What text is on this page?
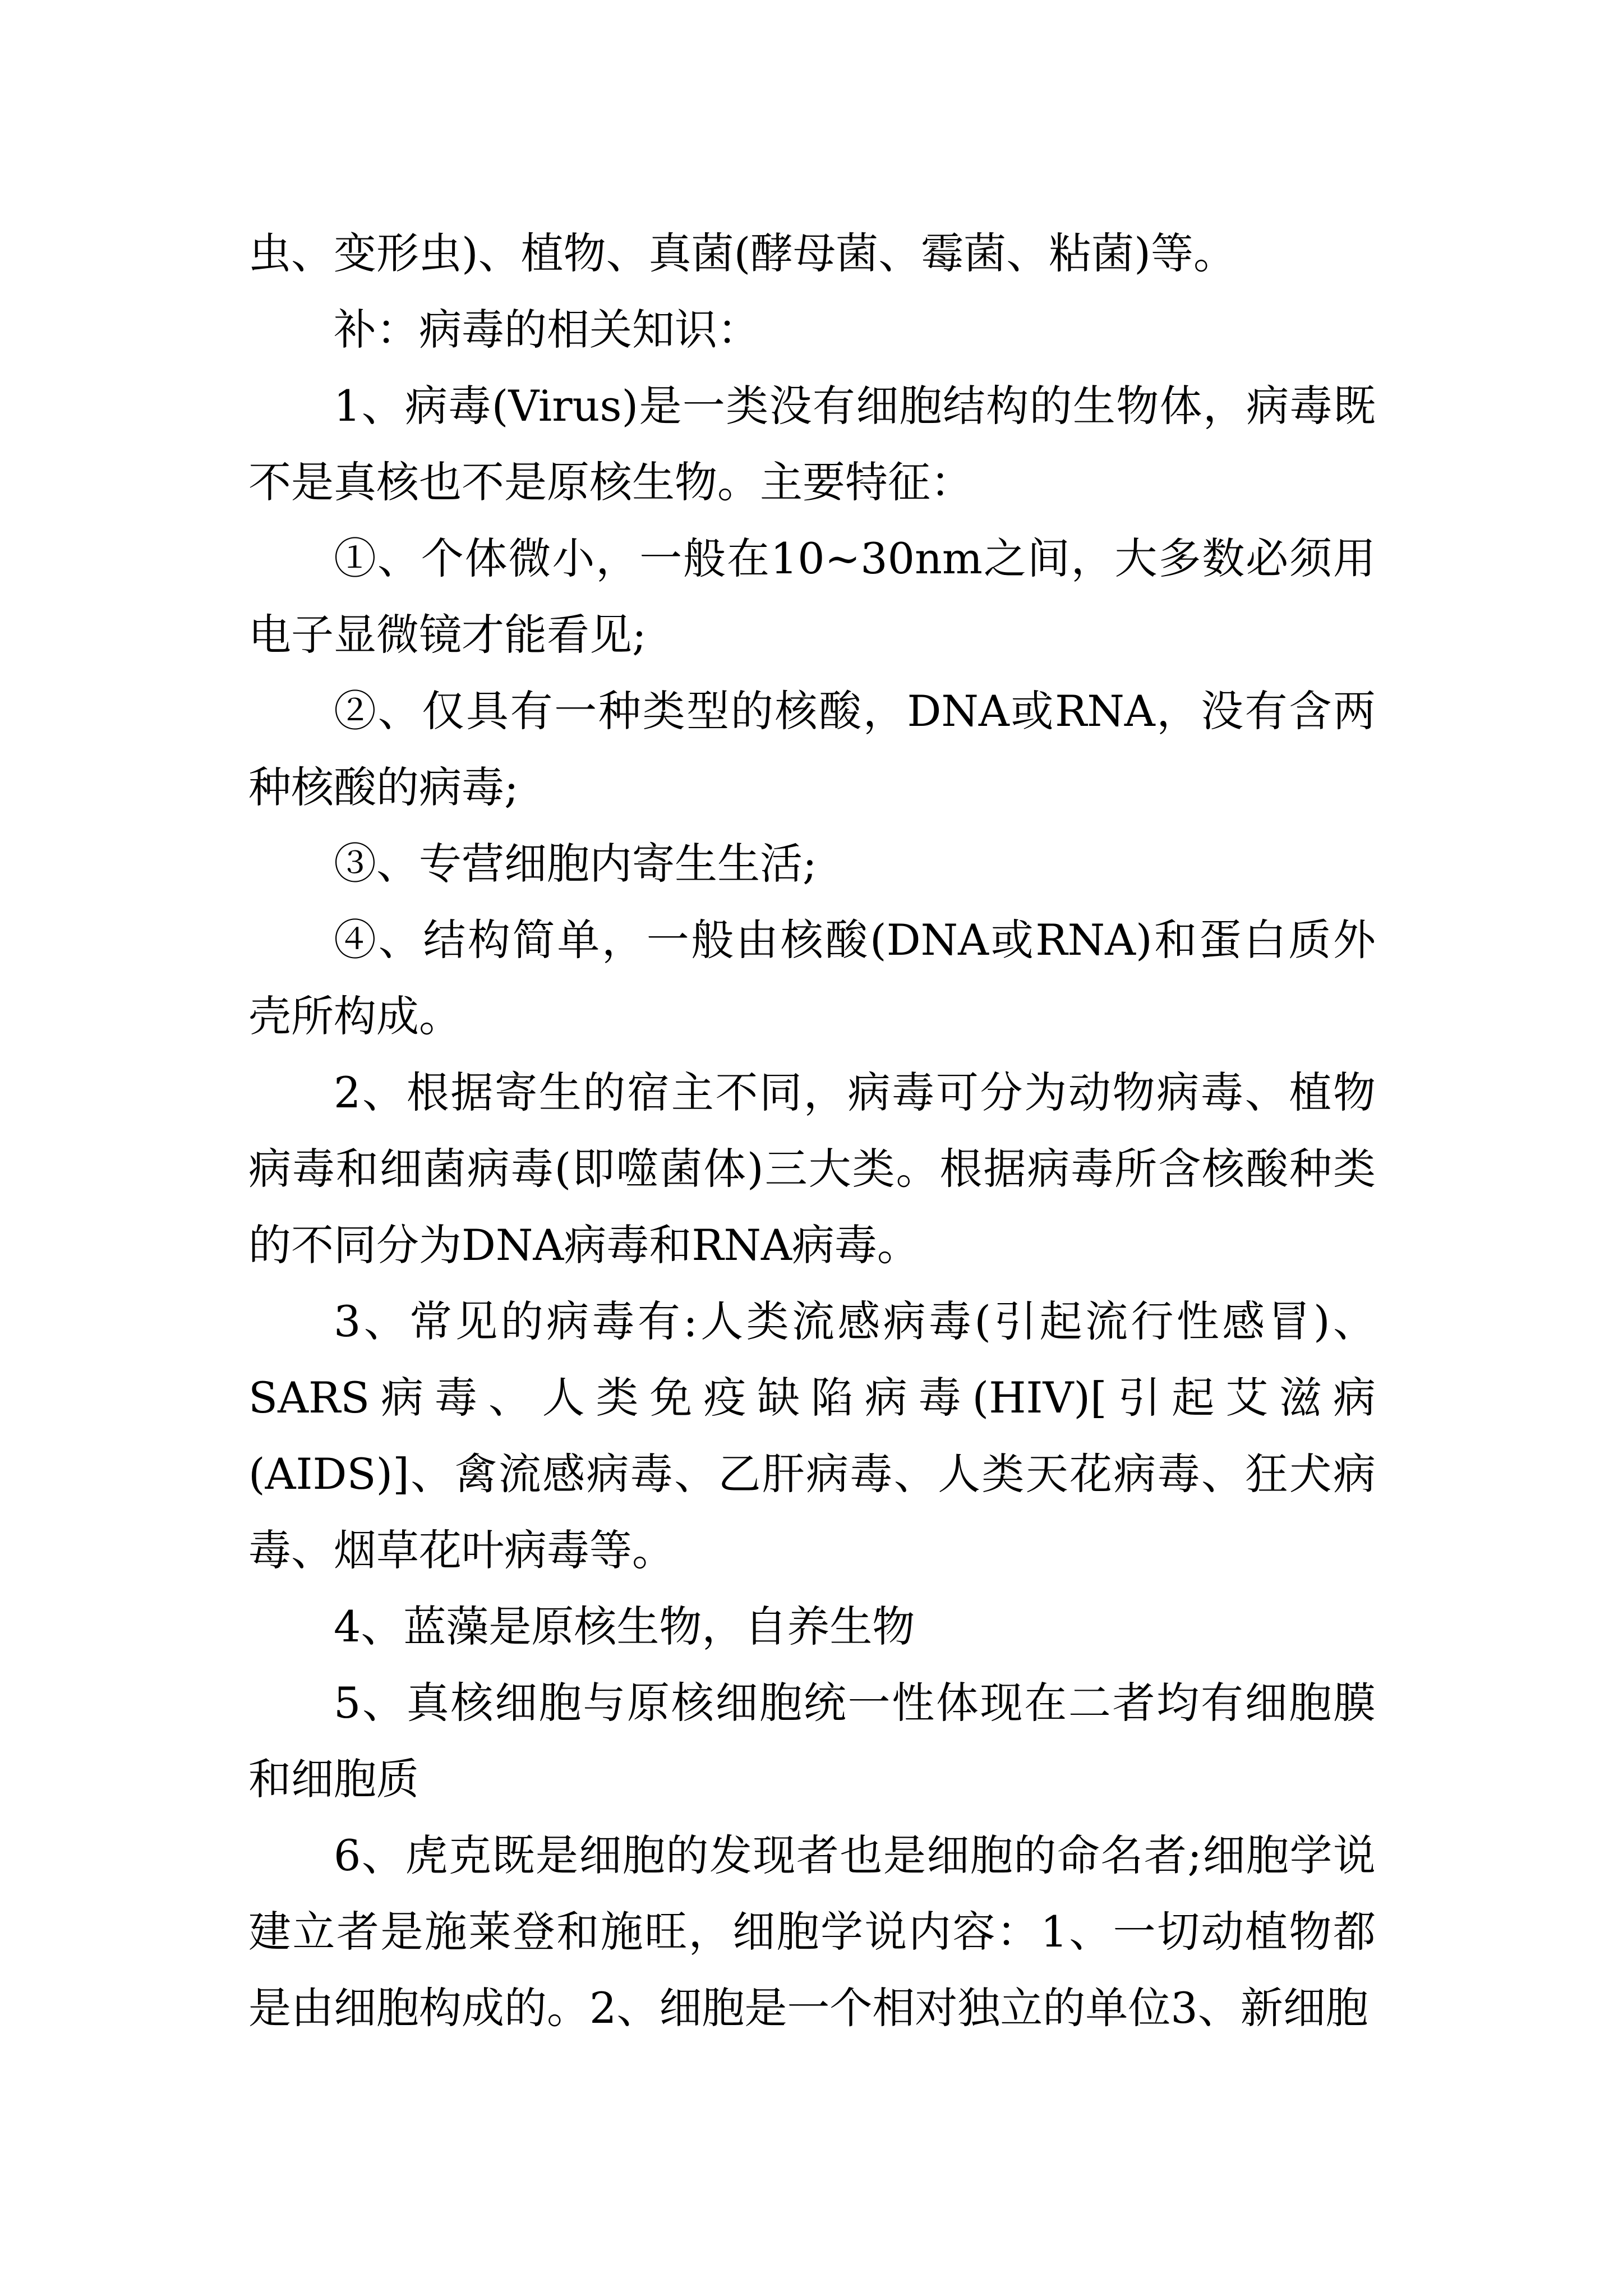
虫、变形虫)、植物、真菌(酵母菌、霉菌、粘菌)等。

补：病毒的相关知识：

1、病毒(Virus)是一类没有细胞结构的生物体，病毒既不是真核也不是原核生物。主要特征：

①、个体微小，一般在10~30nm之间，大多数必须用电子显微镜才能看见;

②、仅具有一种类型的核酸，DNA或RNA，没有含两种核酸的病毒;

③、专营细胞内寄生生活;

④、结构简单，一般由核酸(DNA或RNA)和蛋白质外壳所构成。

2、根据寄生的宿主不同，病毒可分为动物病毒、植物病毒和细菌病毒(即噬菌体)三大类。根据病毒所含核酸种类的不同分为DNA病毒和RNA病毒。

3、常见的病毒有:人类流感病毒(引起流行性感冒)、SARS病毒、人类免疫缺陷病毒(HIV)[引起艾滋病(AIDS)]、禽流感病毒、乙肝病毒、人类天花病毒、狂犬病毒、烟草花叶病毒等。

4、蓝藻是原核生物，自养生物

5、真核细胞与原核细胞统一性体现在二者均有细胞膜和细胞质

6、虎克既是细胞的发现者也是细胞的命名者;细胞学说建立者是施莱登和施旺，细胞学说内容：1、一切动植物都是由细胞构成的。2、细胞是一个相对独立的单位3、新细胞
